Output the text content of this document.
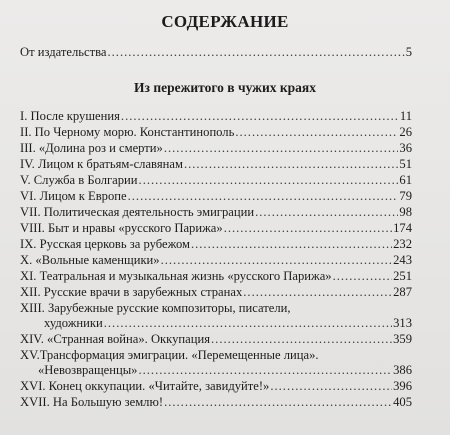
СОДЕРЖАНИЕ
От издательства .....	5
Из пережитого в чужих краях
I. После крушения .....	11
II. По Черному морю. Константинополь .....	26
III. «Долина роз и смерти» .....	36
IV. Лицом к братьям-славянам .....	51
V. Служба в Болгарии .....	61
VI. Лицом к Европе .....	79
VII. Политическая деятельность эмиграции .....	98
VIII. Быт и нравы «русского Парижа» .....	174
IX. Русская церковь за рубежом .....	232
X. «Вольные каменщики» .....	243
XI. Театральная и музыкальная жизнь «русского Парижа» .....	251
XII. Русские врачи в зарубежных странах .....	287
XIII. Зарубежные русские композиторы, писатели,
художники .....	313
XIV. «Странная война». Оккупация .....	359
XV.Трансформация эмиграции. «Перемещенные лица».
«Невозвращенцы» .....	386
XVI. Конец оккупации. «Читайте, завидуйте!» .....	396
XVII. На Большую землю! .....	405
